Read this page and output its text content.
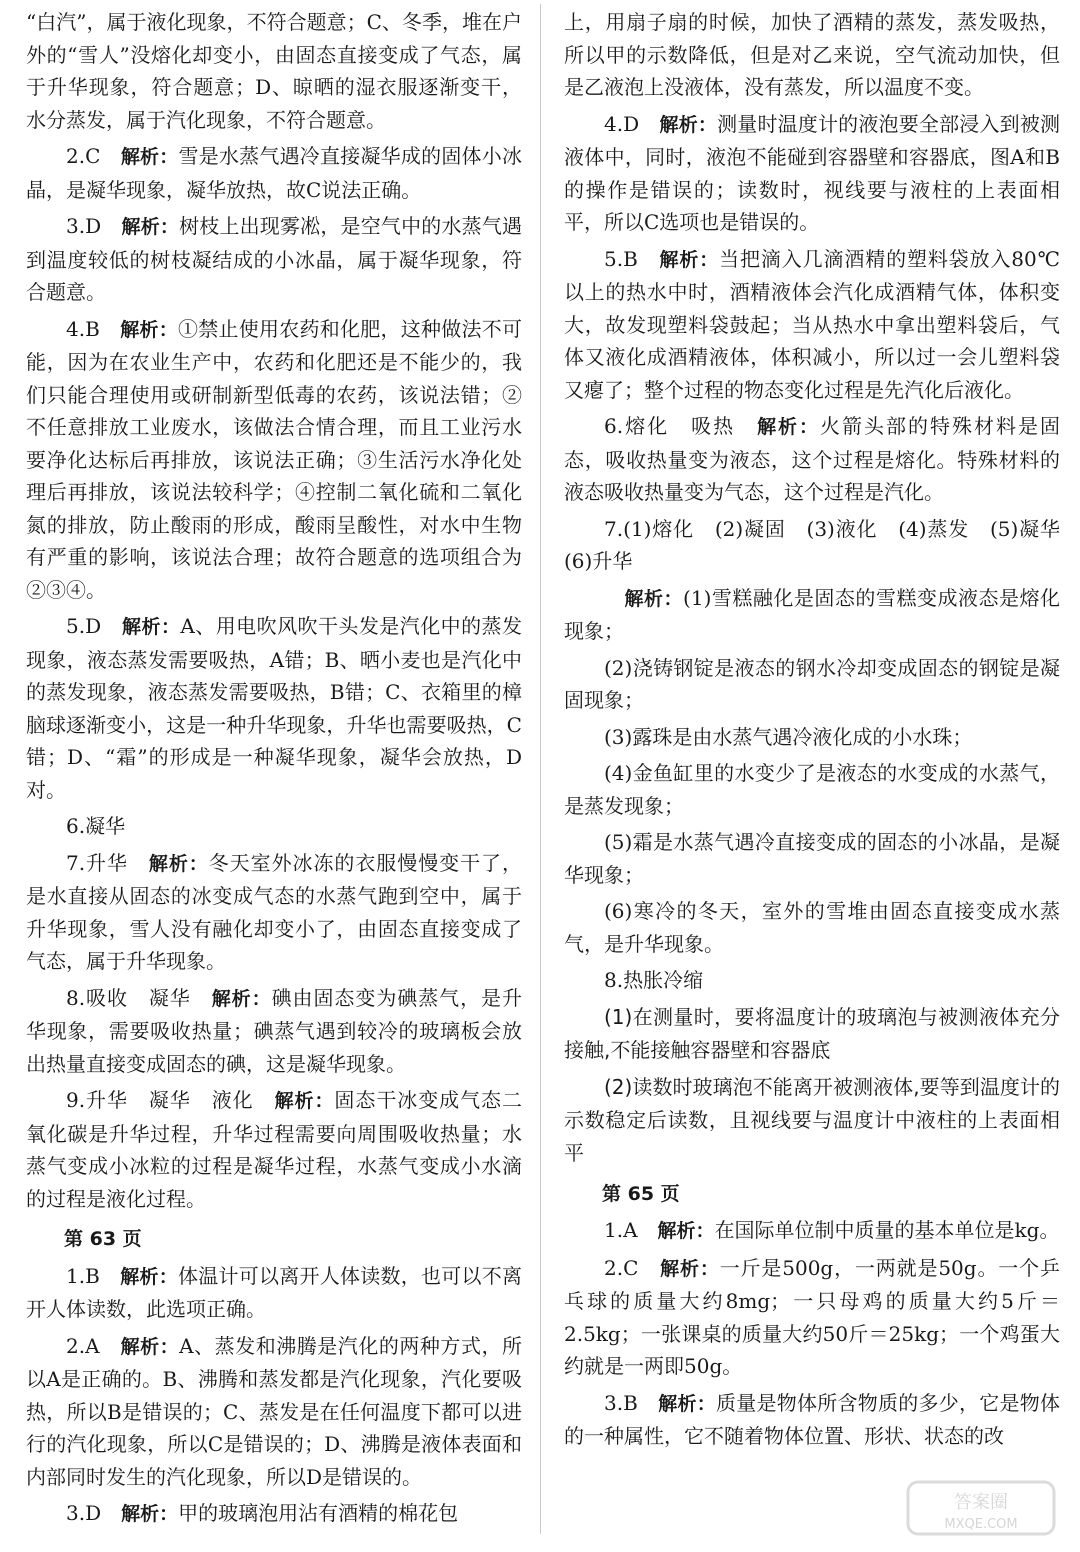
“白汽”，属于液化现象，不符合题意；C、冬季，堆在户外的“雪人”没熔化却变小，由固态直接变成了气态，属于升华现象，符合题意；D、晾晒的湿衣服逐渐变干，水分蒸发，属于汽化现象，不符合题意。

2.C　 解析：雪是水蒸气遇冷直接凝华成的固体小冰晶，是凝华现象，凝华放热，故C说法正确。

3.D　 解析：树枝上出现雾凇，是空气中的水蒸气遇到温度较低的树枝凝结成的小冰晶，属于凝华现象，符合题意。

4.B　 解析：①禁止使用农药和化肥，这种做法不可能，因为在农业生产中，农药和化肥还是不能少的，我们只能合理使用或研制新型低毒的农药，该说法错；②不任意排放工业废水，该做法合情合理，而且工业污水要净化达标后再排放，该说法正确；③生活污水净化处理后再排放，该说法较科学；④控制二氧化硫和二氧化氮的排放，防止酸雨的形成，酸雨呈酸性，对水中生物有严重的影响，该说法合理；故符合题意的选项组合为②③④。

5.D　 解析：A、用电吹风吹干头发是汽化中的蒸发现象，液态蒸发需要吸热，A错；B、晒小麦也是汽化中的蒸发现象，液态蒸发需要吸热，B错；C、衣箱里的樟脑球逐渐变小，这是一种升华现象，升华也需要吸热，C错；D、“霜”的形成是一种凝华现象，凝华会放热，D对。

6.凝华

7.升华　 解析：冬天室外冰冻的衣服慢慢变干了，是水直接从固态的冰变成气态的水蒸气跑到空中，属于升华现象，雪人没有融化却变小了，由固态直接变成了气态，属于升华现象。

8.吸收　凝华　 解析：碘由固态变为碘蒸气，是升华现象，需要吸收热量；碘蒸气遇到较冷的玻璃板会放出热量直接变成固态的碘，这是凝华现象。

9.升华　凝华　液化　 解析：固态干冰变成气态二氧化碳是升华过程，升华过程需要向周围吸收热量；水蒸气变成小冰粒的过程是凝华过程，水蒸气变成小水滴的过程是液化过程。

第 63 页

1.B　 解析：体温计可以离开人体读数，也可以不离开人体读数，此选项正确。

2.A　 解析：A、蒸发和沸腾是汽化的两种方式，所以A是正确的。B、沸腾和蒸发都是汽化现象，汽化要吸热，所以B是错误的；C、蒸发是在任何温度下都可以进行的汽化现象，所以C是错误的；D、沸腾是液体表面和内部同时发生的汽化现象，所以D是错误的。

3.D　 解析：甲的玻璃泡用沾有酒精的棉花包

上，用扇子扇的时候，加快了酒精的蒸发，蒸发吸热，所以甲的示数降低，但是对乙来说，空气流动加快，但是乙液泡上没液体，没有蒸发，所以温度不变。

4.D　 解析：测量时温度计的液泡要全部浸入到被测液体中，同时，液泡不能碰到容器壁和容器底，图A和B的操作是错误的；读数时，视线要与液柱的上表面相平，所以C选项也是错误的。

5.B　 解析：当把滴入几滴酒精的塑料袋放入80℃以上的热水中时，酒精液体会汽化成酒精气体，体积变大，故发现塑料袋鼓起；当从热水中拿出塑料袋后，气体又液化成酒精液体，体积减小，所以过一会儿塑料袋又瘪了；整个过程的物态变化过程是先汽化后液化。

6.熔化　吸热　 解析：火箭头部的特殊材料是固态，吸收热量变为液态，这个过程是熔化。特殊材料的液态吸收热量变为气态，这个过程是汽化。

7.(1)熔化　(2)凝固　(3)液化　(4)蒸发　(5)凝华　(6)升华

　解析：(1)雪糕融化是固态的雪糕变成液态是熔化现象；

(2)浇铸钢锭是液态的钢水冷却变成固态的钢锭是凝固现象；

(3)露珠是由水蒸气遇冷液化成的小水珠；

(4)金鱼缸里的水变少了是液态的水变成的水蒸气，是蒸发现象；

(5)霜是水蒸气遇冷直接变成的固态的小冰晶，是凝华现象；

(6)寒冷的冬天，室外的雪堆由固态直接变成水蒸气，是升华现象。

8.热胀冷缩

(1)在测量时，要将温度计的玻璃泡与被测液体充分接触,不能接触容器壁和容器底

(2)读数时玻璃泡不能离开被测液体,要等到温度计的示数稳定后读数，且视线要与温度计中液柱的上表面相平

第 65 页

1.A　 解析：在国际单位制中质量的基本单位是kg。

2.C　 解析：一斤是500g，一两就是50g。一个乒乓球的质量大约8mg；一只母鸡的质量大约5斤＝2.5kg；一张课桌的质量大约50斤＝25kg；一个鸡蛋大约就是一两即50g。

3.B　 解析：质量是物体所含物质的多少，它是物体的一种属性，它不随着物体位置、形状、状态的改

答案圈
MXQE.COM
